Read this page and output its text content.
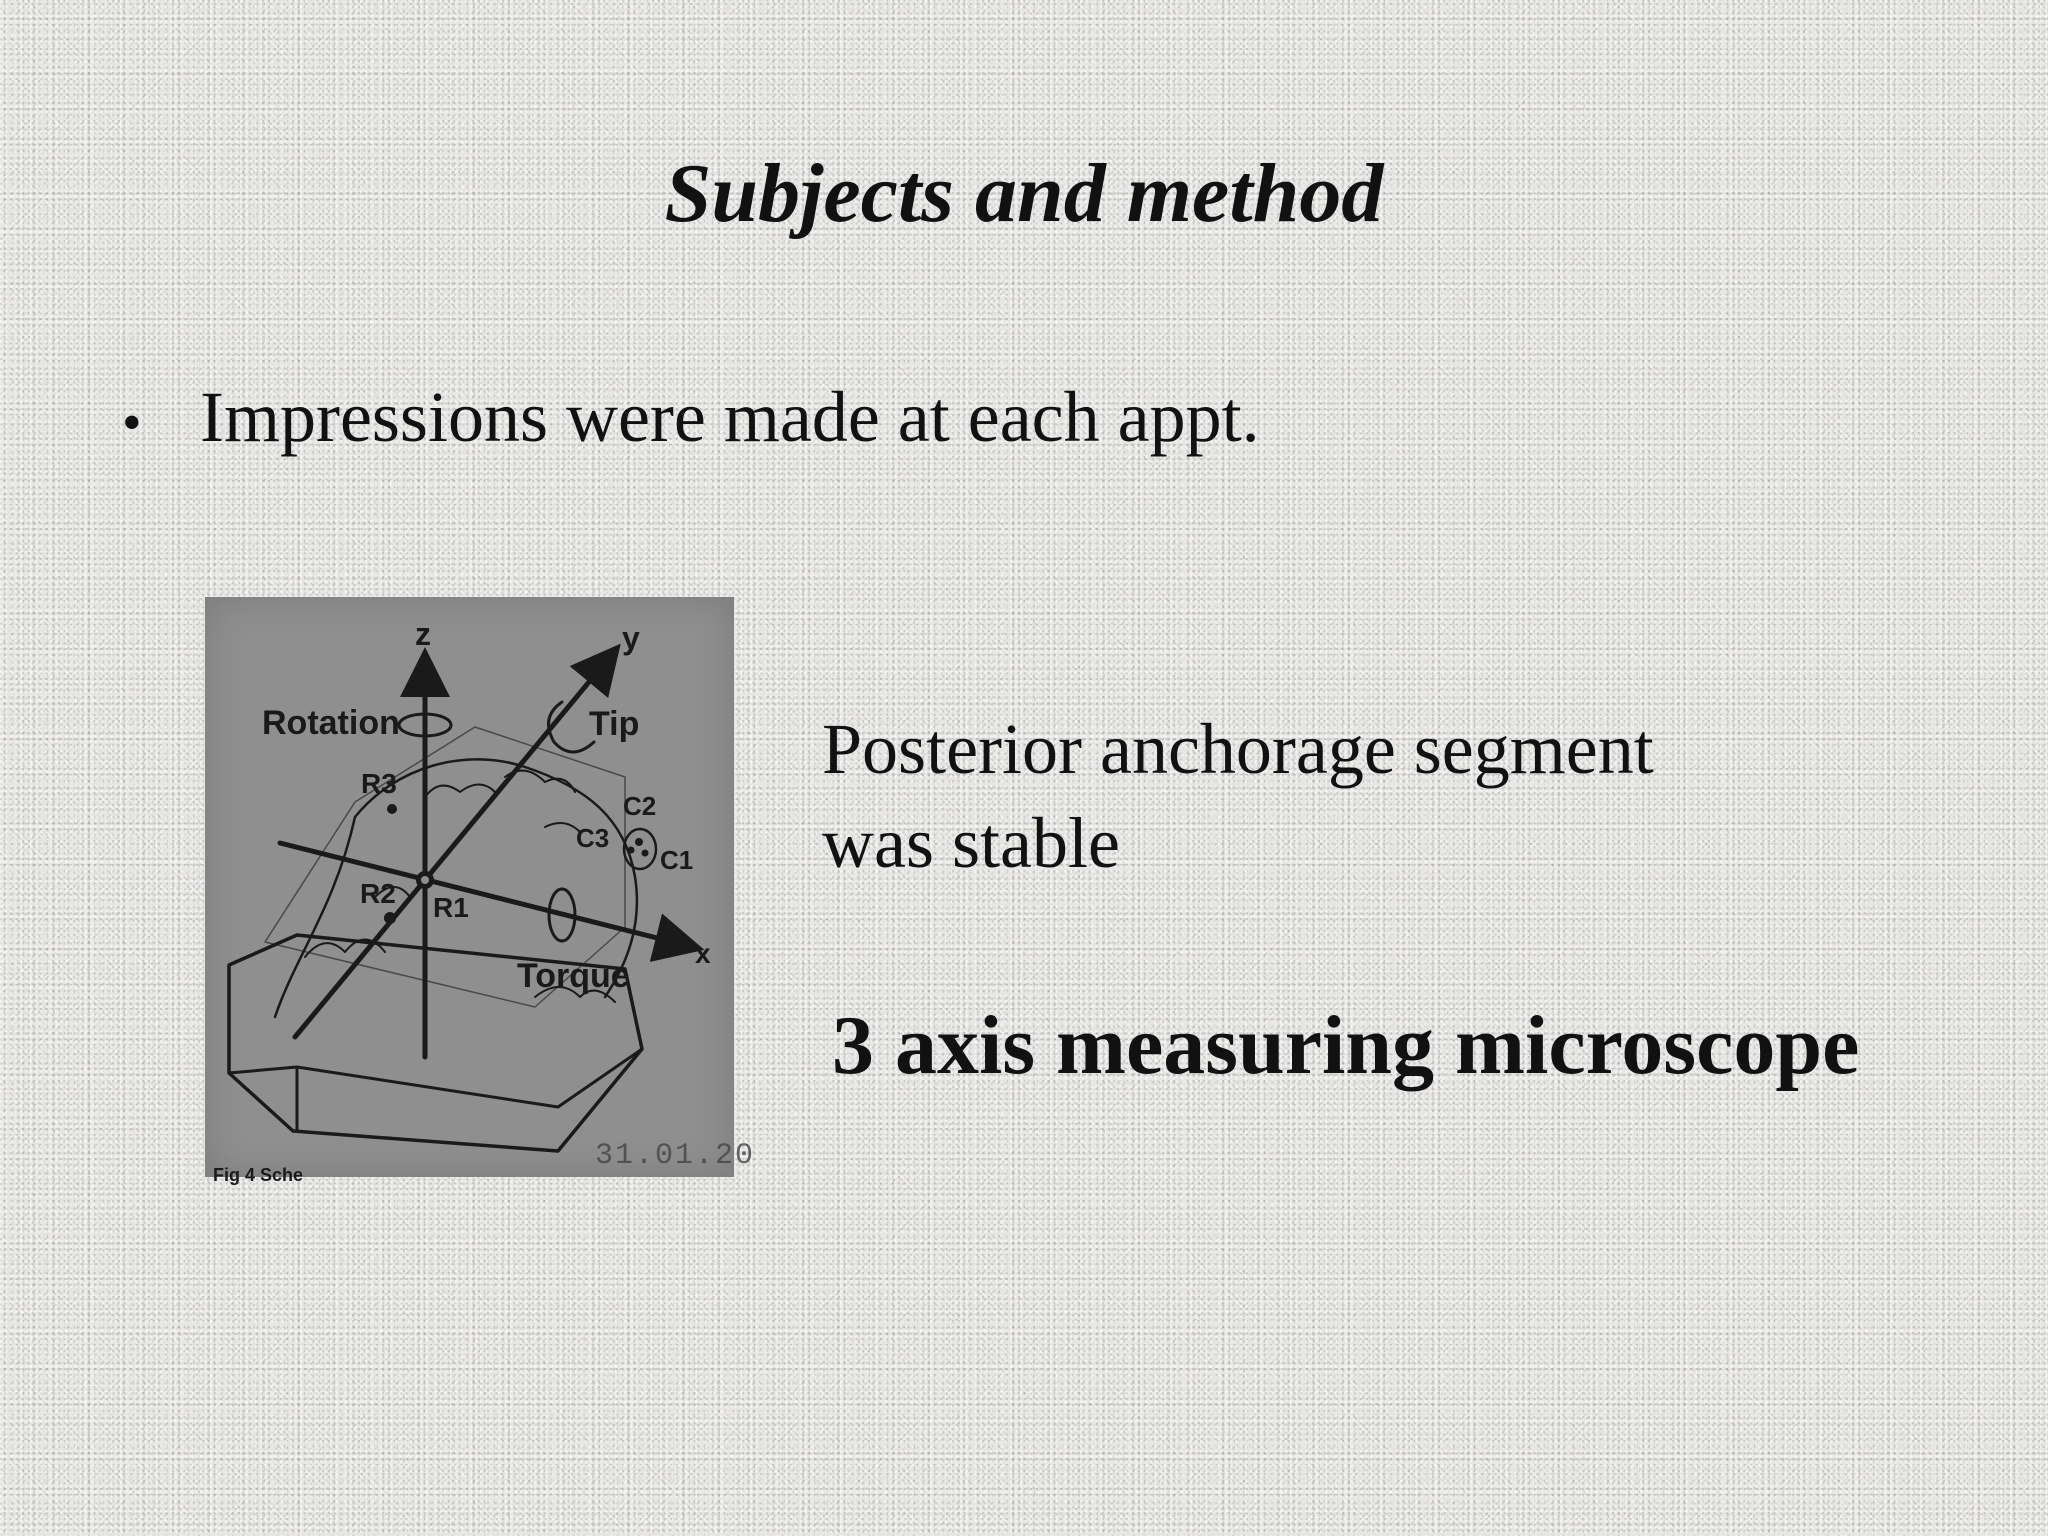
Subjects and method
• Impressions were made at each appt.
z	y
x
Rotation	Tip
Torque
R1
R2
R3
C1
C2
C3
31.01.20
Fig 4 Sche
Posterior anchorage segment
was stable
3 axis measuring microscope
